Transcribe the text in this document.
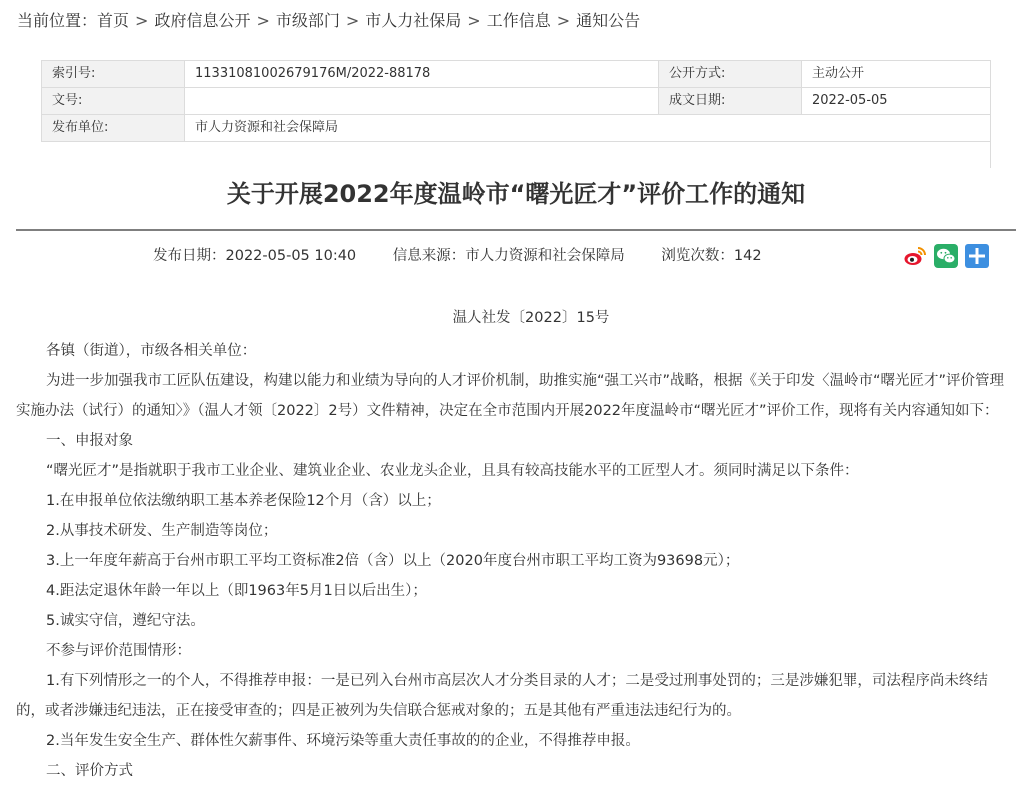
当前位置：首页 > 政府信息公开 > 市级部门 > 市人力社保局 > 工作信息 > 通知公告
索引号:	11331081002679176M/2022-88178	公开方式:	主动公开
文号:		成文日期:	2022-05-05
发布单位:	市人力资源和社会保障局		
关于开展2022年度温岭市“曙光匠才”评价工作的通知
发布日期：2022-05-05 10:40	信息来源：市人力资源和社会保障局	浏览次数：142
温人社发〔2022〕15号

各镇（街道），市级各相关单位：

为进一步加强我市工匠队伍建设，构建以能力和业绩为导向的人才评价机制，助推实施“强工兴市”战略，根据《关于印发〈温岭市“曙光匠才”评价管理实施办法（试行）的通知〉》（温人才领〔2022〕2号）文件精神，决定在全市范围内开展2022年度温岭市“曙光匠才”评价工作，现将有关内容通知如下：

一、申报对象

“曙光匠才”是指就职于我市工业企业、建筑业企业、农业龙头企业，且具有较高技能水平的工匠型人才。须同时满足以下条件：

1.在申报单位依法缴纳职工基本养老保险12个月（含）以上；

2.从事技术研发、生产制造等岗位；

3.上一年度年薪高于台州市职工平均工资标准2倍（含）以上（2020年度台州市职工平均工资为93698元）；

4.距法定退休年龄一年以上（即1963年5月1日以后出生）；

5.诚实守信，遵纪守法。

不参与评价范围情形：

1.有下列情形之一的个人，不得推荐申报：一是已列入台州市高层次人才分类目录的人才；二是受过刑事处罚的；三是涉嫌犯罪，司法程序尚未终结的，或者涉嫌违纪违法，正在接受审查的；四是正被列为失信联合惩戒对象的；五是其他有严重违法违纪行为的。

2.当年发生安全生产、群体性欠薪事件、环境污染等重大责任事故的的企业，不得推荐申报。

二、评价方式
